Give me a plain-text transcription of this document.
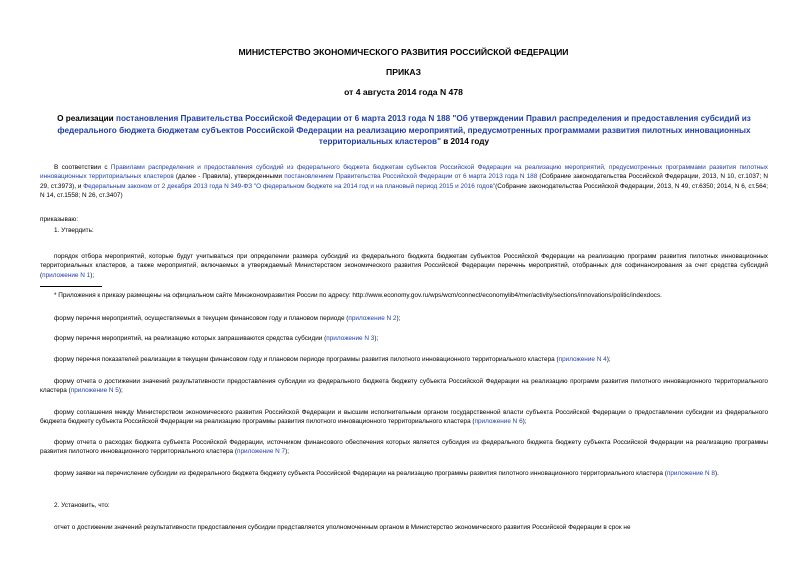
МИНИСТЕРСТВО ЭКОНОМИЧЕСКОГО РАЗВИТИЯ РОССИЙСКОЙ ФЕДЕРАЦИИ
ПРИКАЗ
от 4 августа 2014 года N 478
О реализации постановления Правительства Российской Федерации от 6 марта 2013 года N 188 "Об утверждении Правил распределения и предоставления субсидий из федерального бюджета бюджетам субъектов Российской Федерации на реализацию мероприятий, предусмотренных программами развития пилотных инновационных территориальных кластеров" в 2014 году
В соответствии с Правилами распределения и предоставления субсидий из федерального бюджета бюджетам субъектов Российской Федерации на реализацию мероприятий, предусмотренных программами развития пилотных инновационных территориальных кластеров (далее - Правила), утвержденными постановлением Правительства Российской Федерации от 6 марта 2013 года N 188 (Собрание законодательства Российской Федерации, 2013, N 10, ст.1037; N 29, ст.3973), и Федеральным законом от 2 декабря 2013 года N 349-ФЗ "О федеральном бюджете на 2014 год и на плановый период 2015 и 2016 годов"(Собрание законодательства Российской Федерации, 2013, N 49, ст.6350; 2014, N 6, ст.564; N 14, ст.1558; N 26, ст.3407)
приказываю:
1. Утвердить:
порядок отбора мероприятий, которые будут учитываться при определении размера субсидий из федерального бюджета бюджетам субъектов Российской Федерации на реализацию программ развития пилотных инновационных территориальных кластеров, а также мероприятий, включаемых в утверждаемый Министерством экономического развития Российской Федерации перечень мероприятий, отобранных для софинансирования за счет средства субсидий (приложение N 1);
* Приложения к приказу размещены на официальном сайте Минэкономразвития России по адресу: http://www.economy.gov.ru/wps/wcm/connect/economylib4/mer/activity/sections/innovations/politic/indexdocs.
форму перечня мероприятий, осуществляемых в текущем финансовом году и плановом периоде (приложение N 2);
форму перечня мероприятий, на реализацию которых запрашиваются средства субсидии (приложение N 3);
форму перечня показателей реализации в текущем финансовом году и плановом периоде программы развития пилотного инновационного территориального кластера (приложение N 4);
форму отчета о достижении значений результативности предоставления субсидии из федерального бюджета бюджету субъекта Российской Федерации на реализацию программ развития пилотного инновационного территориального кластера (приложение N 5);
форму соглашения между Министерством экономического развития Российской Федерации и высшим исполнительным органом государственной власти субъекта Российской Федерации о предоставлении субсидии из федерального бюджета бюджету субъекта Российской Федерации на реализацию программы развития пилотного инновационного территориального кластера (приложение N 6);
форму отчета о расходах бюджета субъекта Российской Федерации, источником финансового обеспечения которых является субсидия из федерального бюджета бюджету субъекта Российской Федерации на реализацию программы развития пилотного инновационного территориального кластера (приложение N 7);
форму заявки на перечисление субсидии из федерального бюджета бюджету субъекта Российской Федерации на реализацию программы развития пилотного инновационного территориального кластера (приложение N 8).
2. Установить, что:
отчет о достижении значений результативности предоставления субсидии представляется уполномоченным органом в Министерство экономического развития Российской Федерации в срок не
